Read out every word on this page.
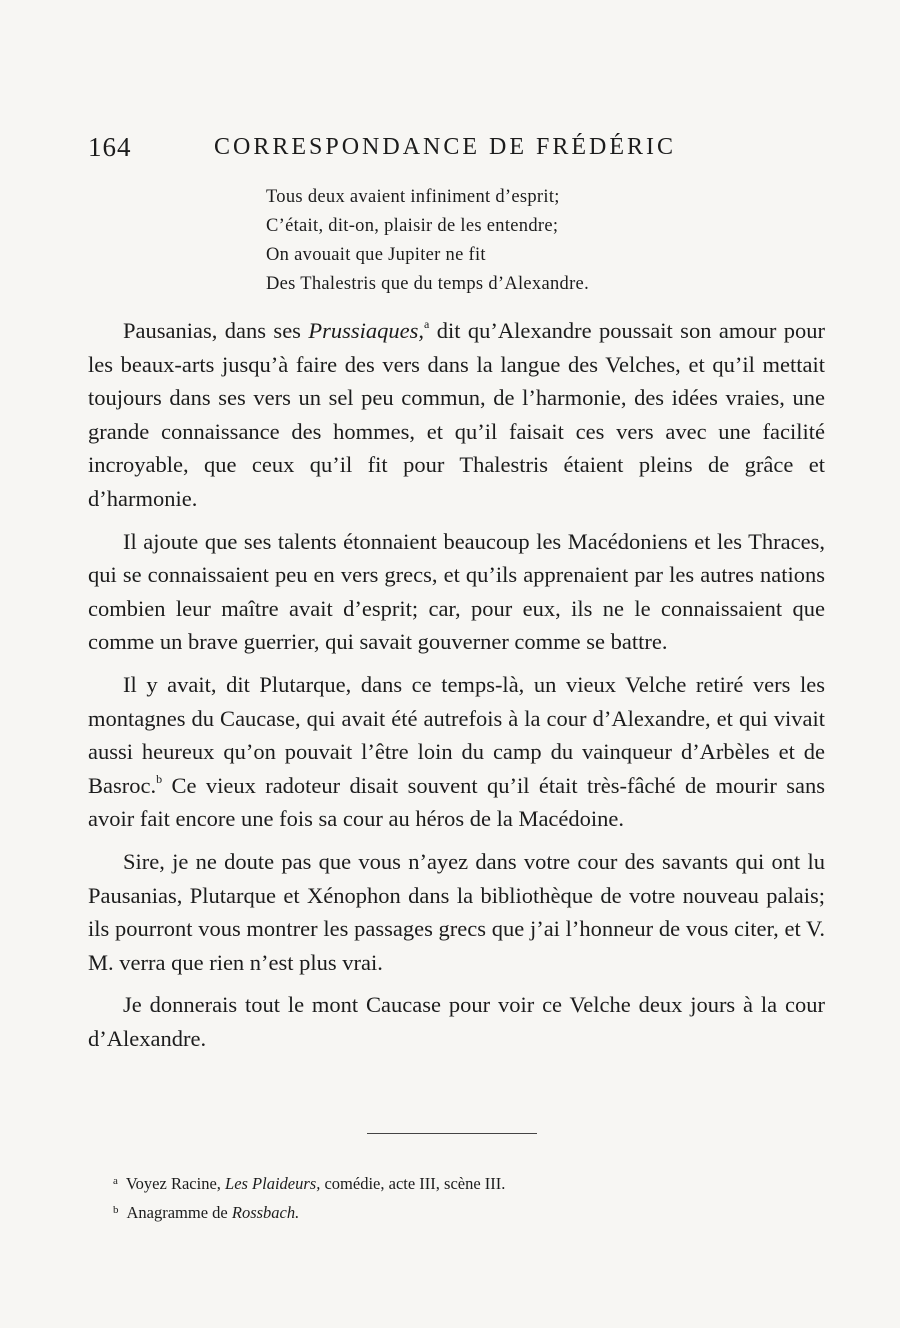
164	CORRESPONDANCE DE FRÉDÉRIC
Tous deux avaient infiniment d’esprit;
C’était, dit-on, plaisir de les entendre;
On avouait que Jupiter ne fit
Des Thalestris que du temps d’Alexandre.

Pausanias, dans ses Prussiaques,$^a$ dit qu’Alexandre poussait son amour pour les beaux-arts jusqu’à faire des vers dans la langue des Velches, et qu’il mettait toujours dans ses vers un sel peu commun, de l’harmonie, des idées vraies, une grande connaissance des hommes, et qu’il faisait ces vers avec une facilité incroyable, que ceux qu’il fit pour Thalestris étaient pleins de grâce et d’harmonie.

Il ajoute que ses talents étonnaient beaucoup les Macédoniens et les Thraces, qui se connaissaient peu en vers grecs, et qu’ils apprenaient par les autres nations combien leur maître avait d’esprit; car, pour eux, ils ne le connaissaient que comme un brave guerrier, qui savait gouverner comme se battre.

Il y avait, dit Plutarque, dans ce temps-là, un vieux Velche retiré vers les montagnes du Caucase, qui avait été autrefois à la cour d’Alexandre, et qui vivait aussi heureux qu’on pouvait l’être loin du camp du vainqueur d’Arbèles et de Basroc.$^b$ Ce vieux radoteur disait souvent qu’il était très-fâché de mourir sans avoir fait encore une fois sa cour au héros de la Macédoine.

Sire, je ne doute pas que vous n’ayez dans votre cour des savants qui ont lu Pausanias, Plutarque et Xénophon dans la bibliothèque de votre nouveau palais; ils pourront vous montrer les passages grecs que j’ai l’honneur de vous citer, et V. M. verra que rien n’est plus vrai.

Je donnerais tout le mont Caucase pour voir ce Velche deux jours à la cour d’Alexandre.

$^a$ Voyez Racine, Les Plaideurs, comédie, acte III, scène III.
$^b$ Anagramme de Rossbach.
